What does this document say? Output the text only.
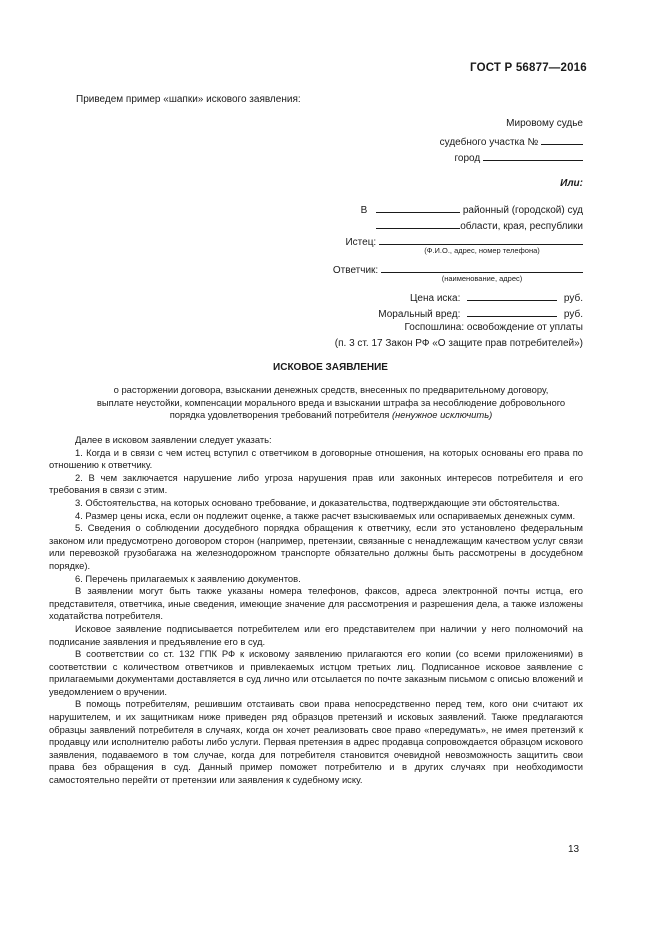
ГОСТ Р 56877—2016
Приведем пример «шапки» искового заявления:
Мировому судье
судебного участка №
город
Или:
В	районный (городской) суд
области, края, республики
Истец:
(Ф.И.О., адрес, номер телефона)
Ответчик:
(наименование, адрес)
Цена иска:	руб.
Моральный вред:	руб.
Госпошлина: освобождение от уплаты
(п. 3 ст. 17 Закон РФ «О защите прав потребителей»)
ИСКОВОЕ ЗАЯВЛЕНИЕ
о расторжении договора, взыскании денежных средств, внесенных по предварительному договору,
выплате неустойки, компенсации морального вреда и взыскании штрафа за несоблюдение добровольного
порядка удовлетворения требований потребителя (ненужное исключить)

Далее в исковом заявлении следует указать:

1. Когда и в связи с чем истец вступил с ответчиком в договорные отношения, на которых основаны его права по отношению к ответчику.

2. В чем заключается нарушение либо угроза нарушения прав или законных интересов потребителя и его требования в связи с этим.

3. Обстоятельства, на которых основано требование, и доказательства, подтверждающие эти обстоятельства.

4. Размер цены иска, если он подлежит оценке, а также расчет взыскиваемых или оспариваемых денежных сумм.

5. Сведения о соблюдении досудебного порядка обращения к ответчику, если это установлено федеральным законом или предусмотрено договором сторон (например, претензии, связанные с ненадлежащим качеством услуг связи или перевозкой грузобагажа на железнодорожном транспорте обязательно должны быть рассмотрены в досудебном порядке).

6. Перечень прилагаемых к заявлению документов.

В заявлении могут быть также указаны номера телефонов, факсов, адреса электронной почты истца, его представителя, ответчика, иные сведения, имеющие значение для рассмотрения и разрешения дела, а также изложены ходатайства потребителя.

Исковое заявление подписывается потребителем или его представителем при наличии у него полномочий на подписание заявления и предъявление его в суд.

В соответствии со ст. 132 ГПК РФ к исковому заявлению прилагаются его копии (со всеми приложениями) в соответствии с количеством ответчиков и привлекаемых истцом третьих лиц. Подписанное исковое заявление с прилагаемыми документами доставляется в суд лично или отсылается по почте заказным письмом с описью вложений и уведомлением о вручении.

В помощь потребителям, решившим отстаивать свои права непосредственно перед тем, кого они считают их нарушителем, и их защитникам ниже приведен ряд образцов претензий и исковых заявлений. Также предлагаются образцы заявлений потребителя в случаях, когда он хочет реализовать свое право «передумать», не имея претензий к продавцу или исполнителю работы либо услуги. Первая претензия в адрес продавца сопровождается образцом искового заявления, подаваемого в том случае, когда для потребителя становится очевидной невозможность защитить свои права без обращения в суд. Данный пример поможет потребителю и в других случаях при необходимости самостоятельно перейти от претензии или заявления к судебному иску.

13
